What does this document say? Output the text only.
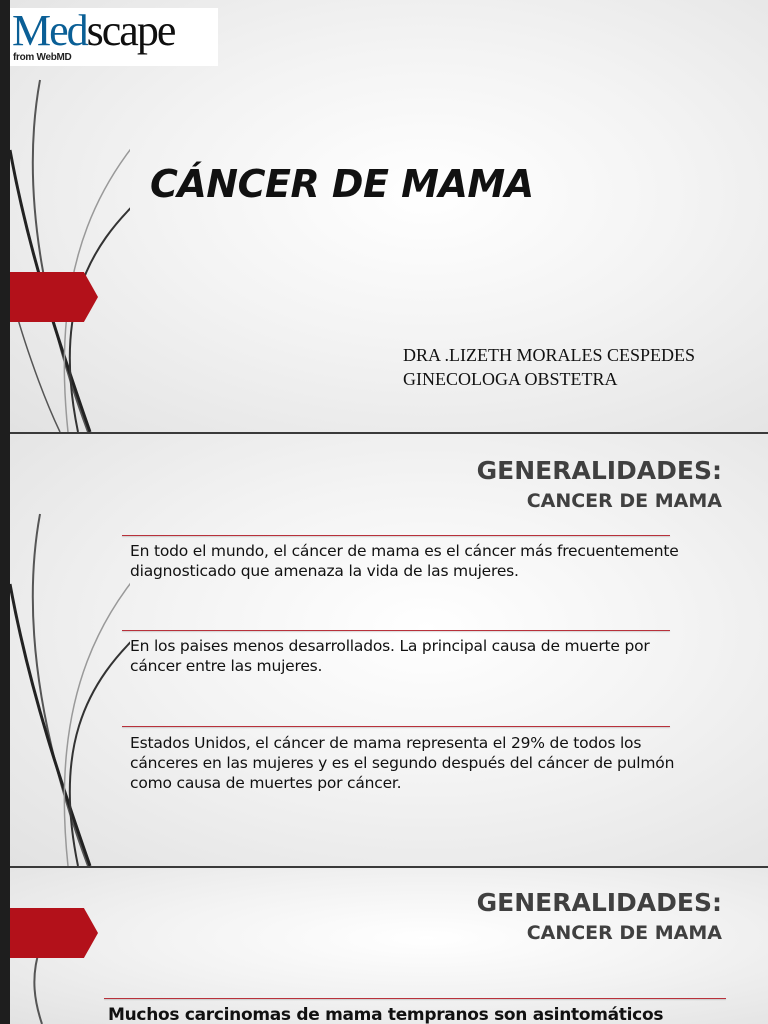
Medscape
from WebMD
CÁNCER DE MAMA
DRA .LIZETH MORALES CESPEDES
GINECOLOGA OBSTETRA
GENERALIDADES:
CANCER DE MAMA

En todo el mundo, el cáncer de mama es el cáncer más frecuentemente diagnosticado que amenaza la vida de las mujeres.

En los paises menos desarrollados. La principal causa de muerte por cáncer entre las mujeres.

Estados Unidos, el cáncer de mama representa el 29% de todos los cánceres en las mujeres y es el segundo después del cáncer de pulmón como causa de muertes por cáncer.

GENERALIDADES:
CANCER DE MAMA

Muchos carcinomas de mama tempranos son asintomáticos
